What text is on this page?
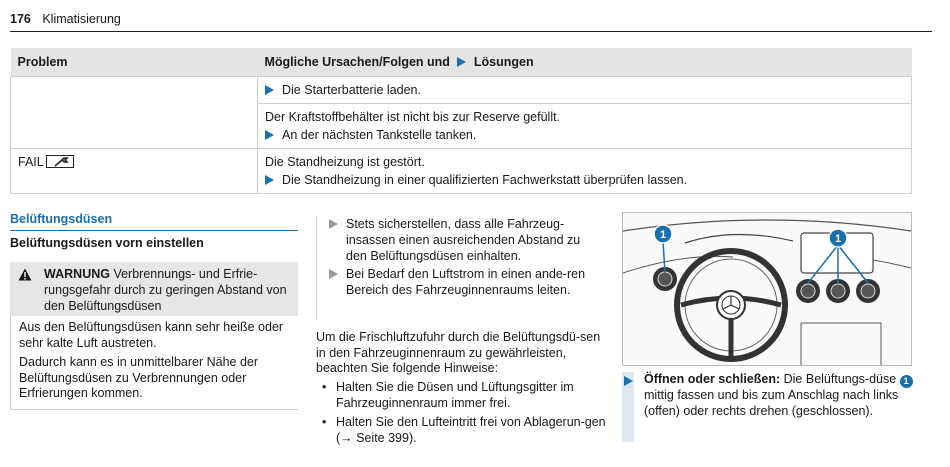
176 Klimatisierung
Problem	Mögliche Ursachen/Folgen und Lösungen

	Die Starterbatterie laden.

	Der Kraftstoffbehälter ist nicht bis zur Reserve gefüllt.
An der nächsten Tankstelle tanken.

FAIL	Die Standheizung ist gestört.
Die Standheizung in einer qualifizierten Fachwerkstatt überprüfen lassen.
Belüftungsdüsen
Belüftungsdüsen vorn einstellen
WARNUNG Verbrennungs- und Erfrie-rungsgefahr durch zu geringen Abstand von den Belüftungsdüsen

Aus den Belüftungsdüsen kann sehr heiße oder sehr kalte Luft austreten.

Dadurch kann es in unmittelbarer Nähe der Belüftungsdüsen zu Verbrennungen oder Erfrierungen kommen.

Stets sicherstellen, dass alle Fahrzeug-insassen einen ausreichenden Abstand zu den Belüftungsdüsen einhalten.
Bei Bedarf den Luftstrom in einen ande-ren Bereich des Fahrzeuginnenraums leiten.
Um die Frischluftzufuhr durch die Belüftungsdü-sen in den Fahrzeuginnenraum zu gewährleisten, beachten Sie folgende Hinweise:
• Halten Sie die Düsen und Lüftungsgitter im Fahrzeuginnenraum immer frei.
• Halten Sie den Lufteintritt frei von Ablagerun-gen (→ Seite 399).
1	1
Öffnen oder schließen: Die Belüftungs-düse 1 mittig fassen und bis zum Anschlag nach links (offen) oder rechts drehen (geschlossen).
